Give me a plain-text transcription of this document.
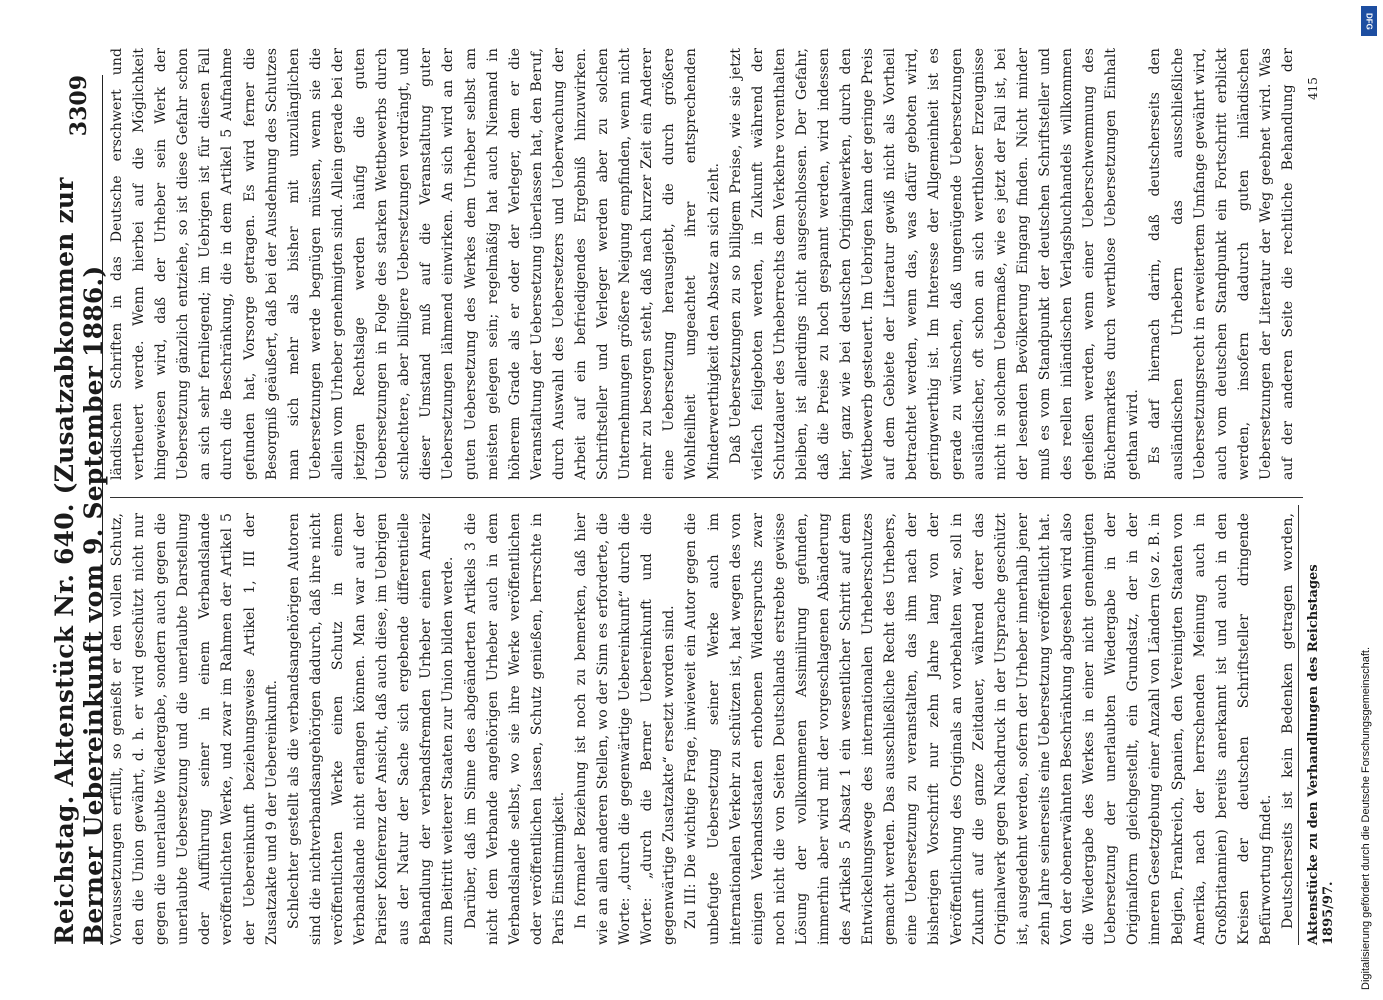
Reichstag. Aktenstück Nr. 640. (Zusatzabkommen zur Berner Uebereinkunft vom 9. September 1886.)
3309

Voraussetzungen erfüllt, so genießt er den vollen Schutz, den die Union gewährt, d. h. er wird geschützt nicht nur gegen die unerlaubte Wiedergabe, sondern auch gegen die unerlaubte Uebersetzung und die unerlaubte Darstellung oder Aufführung seiner in einem Verbandslande veröffentlichten Werke, und zwar im Rahmen der Artikel 5 der Uebereinkunft beziehungsweise Artikel 1, III der Zusatzakte und 9 der Uebereinkunft. Schlechter gestellt als die verbandsangehörigen Autoren sind die nichtverbandsangehörigen dadurch, daß ihre nicht veröffentlichten Werke einen Schutz in einem Verbandslande nicht erlangen können. Man war auf der Pariser Konferenz der Ansicht, daß auch diese, im Uebrigen aus der Natur der Sache sich ergebende differentielle Behandlung der verbandsfremden Urheber einen Anreiz zum Beitritt weiterer Staaten zur Union bilden werde. Darüber, daß im Sinne des abgeänderten Artikels 3 die nicht dem Verbande angehörigen Urheber auch in dem Verbandslande selbst, wo sie ihre Werke veröffentlichen oder veröffentlichen lassen, Schutz genießen, herrschte in Paris Einstimmigkeit. In formaler Beziehung ist noch zu bemerken, daß hier wie an allen anderen Stellen, wo der Sinn es erforderte, die Worte: „durch die gegenwärtige Uebereinkunft“ durch die Worte: „durch die Berner Uebereinkunft und die gegenwärtige Zusatzakte“ ersetzt worden sind. Zu III: Die wichtige Frage, inwieweit ein Autor gegen die unbefugte Uebersetzung seiner Werke auch im internationalen Verkehr zu schützen ist, hat wegen des von einigen Verbandsstaaten erhobenen Widerspruchs zwar noch nicht die von Seiten Deutschlands erstrebte gewisse Lösung der vollkommenen Assimilirung gefunden, immerhin aber wird mit der vorgeschlagenen Abänderung des Artikels 5 Absatz 1 ein wesentlicher Schritt auf dem Entwickelungswege des internationalen Urheberschutzes gemacht werden. Das ausschließliche Recht des Urhebers, eine Uebersetzung zu veranstalten, das ihm nach der bisherigen Vorschrift nur zehn Jahre lang von der Veröffentlichung des Originals an vorbehalten war, soll in Zukunft auf die ganze Zeitdauer, während derer das Originalwerk gegen Nachdruck in der Ursprache geschützt ist, ausgedehnt werden, sofern der Urheber innerhalb jener zehn Jahre seinerseits eine Uebersetzung veröffentlicht hat. Von der obenerwähnten Beschränkung abgesehen wird also die Wiedergabe des Werkes in einer nicht genehmigten Uebersetzung der unerlaubten Wiedergabe in der Originalform gleichgestellt, ein Grundsatz, der in der inneren Gesetzgebung einer Anzahl von Ländern (so z. B. in Belgien, Frankreich, Spanien, den Vereinigten Staaten von Amerika, nach der herrschenden Meinung auch in Großbritannien) bereits anerkannt ist und auch in den Kreisen der deutschen Schriftsteller dringende Befürwortung findet. Deutscherseits ist kein Bedenken getragen worden,

ländischen Schriften in das Deutsche erschwert und vertheuert werde. Wenn hierbei auf die Möglichkeit hingewiesen wird, daß der Urheber sein Werk der Uebersetzung gänzlich entziehe, so ist diese Gefahr schon an sich sehr fernliegend; im Uebrigen ist für diesen Fall durch die Beschränkung, die in dem Artikel 5 Aufnahme gefunden hat, Vorsorge getragen. Es wird ferner die Besorgniß geäußert, daß bei der Ausdehnung des Schutzes man sich mehr als bisher mit unzulänglichen Uebersetzungen werde begnügen müssen, wenn sie die allein vom Urheber genehmigten sind. Allein gerade bei der jetzigen Rechtslage werden häufig die guten Uebersetzungen in Folge des starken Wettbewerbs durch schlechtere, aber billigere Uebersetzungen verdrängt, und dieser Umstand muß auf die Veranstaltung guter Uebersetzungen lähmend einwirken. An sich wird an der guten Uebersetzung des Werkes dem Urheber selbst am meisten gelegen sein; regelmäßig hat auch Niemand in höherem Grade als er oder der Verleger, dem er die Veranstaltung der Uebersetzung überlassen hat, den Beruf, durch Auswahl des Uebersetzers und Ueberwachung der Arbeit auf ein befriedigendes Ergebniß hinzuwirken. Schriftsteller und Verleger werden aber zu solchen Unternehmungen größere Neigung empfinden, wenn nicht mehr zu besorgen steht, daß nach kurzer Zeit ein Anderer eine Uebersetzung herausgiebt, die durch größere Wohlfeilheit ungeachtet ihrer entsprechenden Minderwerthigkeit den Absatz an sich zieht. Daß Uebersetzungen zu so billigem Preise, wie sie jetzt vielfach feilgeboten werden, in Zukunft während der Schutzdauer des Urheberrechts dem Verkehre vorenthalten bleiben, ist allerdings nicht ausgeschlossen. Der Gefahr, daß die Preise zu hoch gespannt werden, wird indessen hier, ganz wie bei deutschen Originalwerken, durch den Wettbewerb gesteuert. Im Uebrigen kann der geringe Preis auf dem Gebiete der Literatur gewiß nicht als Vortheil betrachtet werden, wenn das, was dafür geboten wird, geringwerthig ist. Im Interesse der Allgemeinheit ist es gerade zu wünschen, daß ungenügende Uebersetzungen ausländischer, oft schon an sich werthloser Erzeugnisse nicht in solchem Uebermaße, wie es jetzt der Fall ist, bei der lesenden Bevölkerung Eingang finden. Nicht minder muß es vom Standpunkt der deutschen Schriftsteller und des reellen inländischen Verlagsbuchhandels willkommen geheißen werden, wenn einer Ueberschwemmung des Büchermarktes durch werthlose Uebersetzungen Einhalt gethan wird. Es darf hiernach darin, daß deutscherseits den ausländischen Urhebern das ausschließliche Uebersetzungsrecht in erweitertem Umfange gewährt wird, auch vom deutschen Standpunkt ein Fortschritt erblickt werden, insofern dadurch guten inländischen Uebersetzungen der Literatur der Weg geebnet wird. Was auf der anderen Seite die rechtliche Behandlung der

Aktenstücke zu den Verhandlungen des Reichstages 1895/97.
415
DFG
Digitalisierung gefördert durch die Deutsche Forschungsgemeinschaft.
